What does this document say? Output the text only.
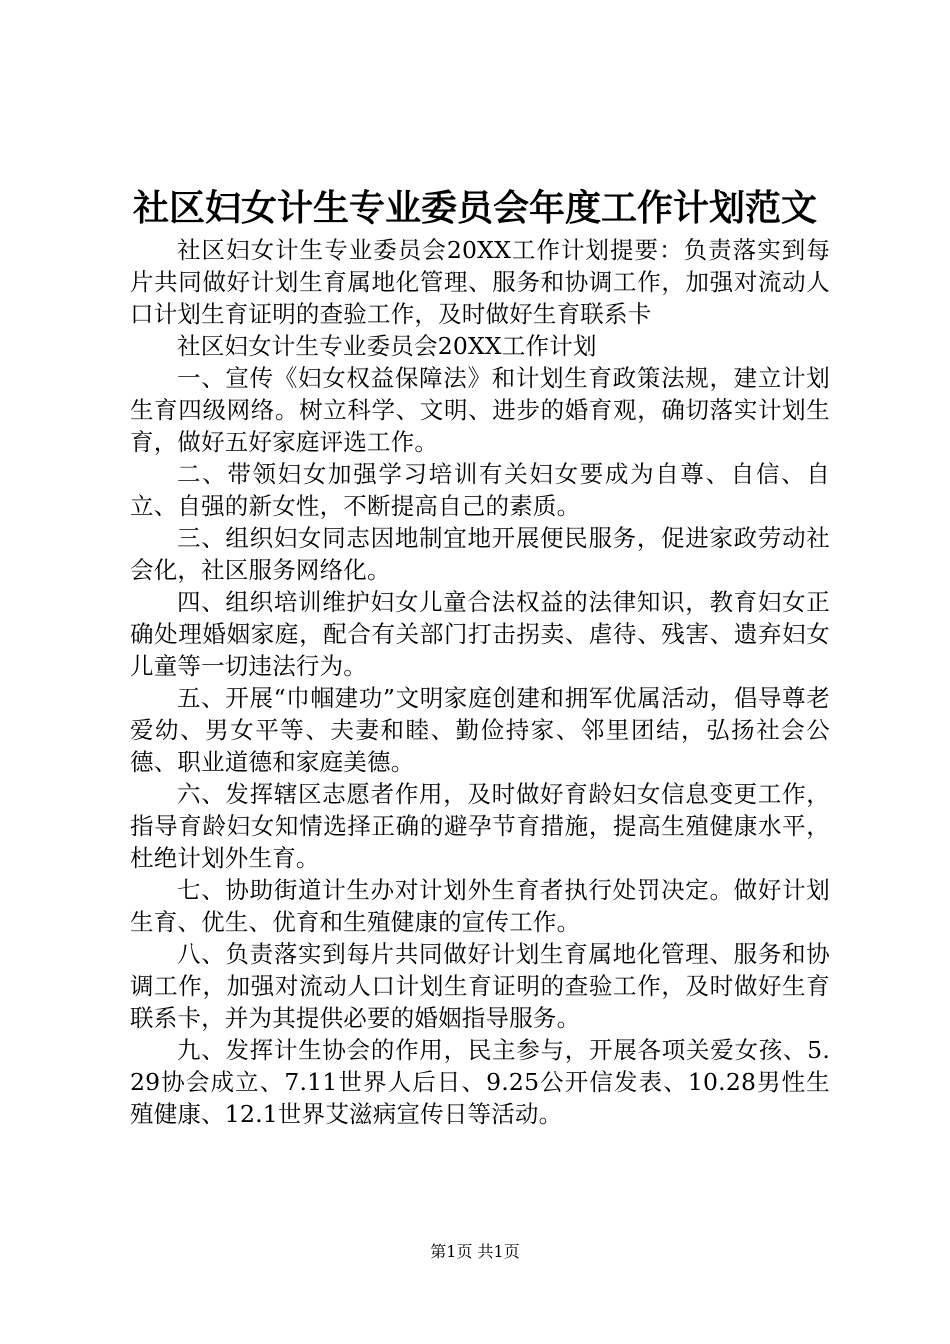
社区妇女计生专业委员会年度工作计划范文

社区妇女计生专业委员会20XX工作计划提要：负责落实到每片共同做好计划生育属地化管理、服务和协调工作，加强对流动人口计划生育证明的查验工作，及时做好生育联系卡

社区妇女计生专业委员会20XX工作计划

一、宣传《妇女权益保障法》和计划生育政策法规，建立计划生育四级网络。树立科学、文明、进步的婚育观，确切落实计划生育，做好五好家庭评选工作。

二、带领妇女加强学习培训有关妇女要成为自尊、自信、自立、自强的新女性，不断提高自己的素质。

三、组织妇女同志因地制宜地开展便民服务，促进家政劳动社会化，社区服务网络化。

四、组织培训维护妇女儿童合法权益的法律知识，教育妇女正确处理婚姻家庭，配合有关部门打击拐卖、虐待、残害、遗弃妇女儿童等一切违法行为。

五、开展“巾帼建功”文明家庭创建和拥军优属活动，倡导尊老爱幼、男女平等、夫妻和睦、勤俭持家、邻里团结，弘扬社会公德、职业道德和家庭美德。

六、发挥辖区志愿者作用，及时做好育龄妇女信息变更工作，指导育龄妇女知情选择正确的避孕节育措施，提高生殖健康水平，杜绝计划外生育。

七、协助街道计生办对计划外生育者执行处罚决定。做好计划生育、优生、优育和生殖健康的宣传工作。

八、负责落实到每片共同做好计划生育属地化管理、服务和协调工作，加强对流动人口计划生育证明的查验工作，及时做好生育联系卡，并为其提供必要的婚姻指导服务。

九、发挥计生协会的作用，民主参与，开展各项关爱女孩、5.29协会成立、7.11世界人后日、9.25公开信发表、10.28男性生殖健康、12.1世界艾滋病宣传日等活动。

第1页 共1页
